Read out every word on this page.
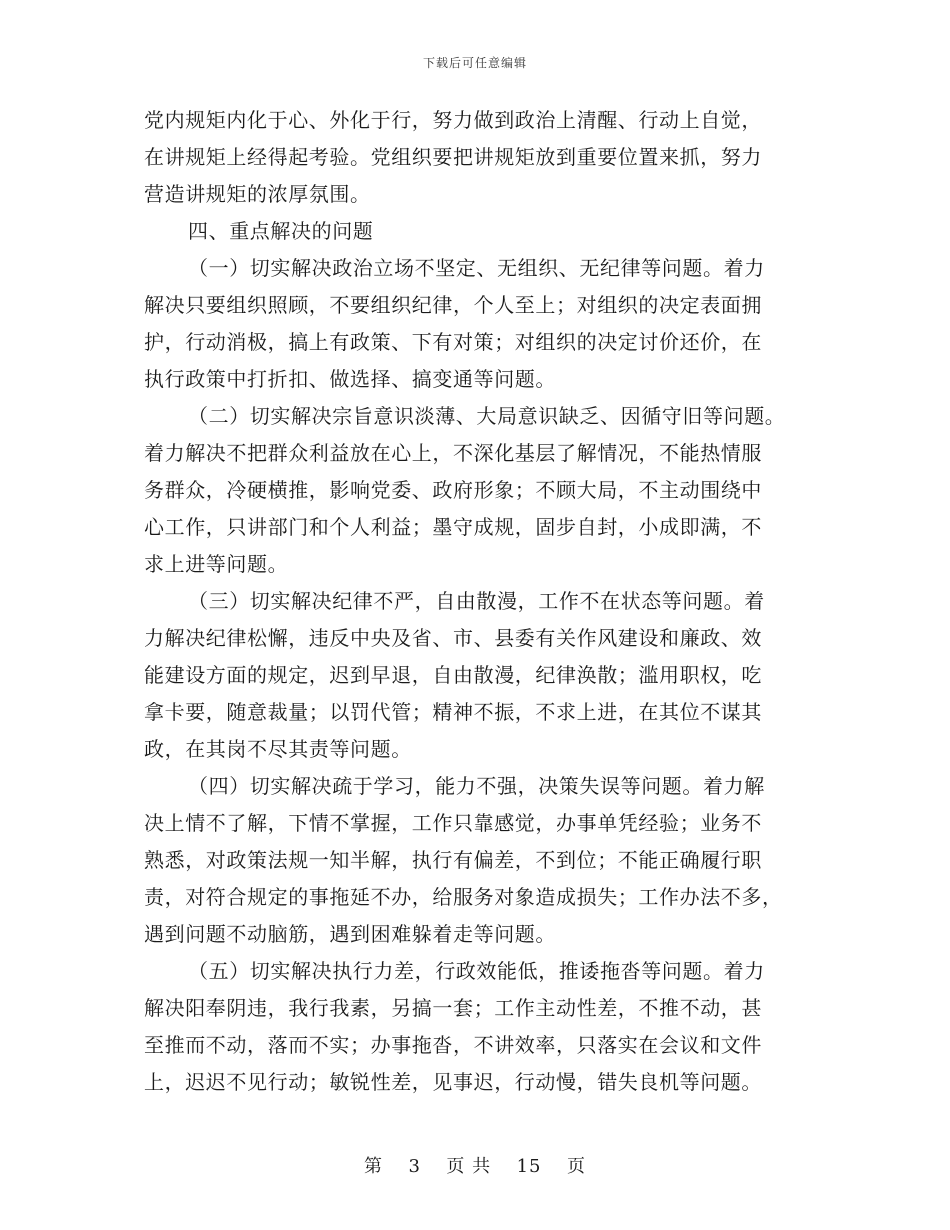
下载后可任意编辑

党内规矩内化于心、外化于行，努力做到政治上清醒、行动上自觉，
在讲规矩上经得起考验。党组织要把讲规矩放到重要位置来抓，努力
营造讲规矩的浓厚氛围。

四、重点解决的问题

（一）切实解决政治立场不坚定、无组织、无纪律等问题。着力
解决只要组织照顾，不要组织纪律，个人至上；对组织的决定表面拥
护，行动消极，搞上有政策、下有对策；对组织的决定讨价还价，在
执行政策中打折扣、做选择、搞变通等问题。

（二）切实解决宗旨意识淡薄、大局意识缺乏、因循守旧等问题。
着力解决不把群众利益放在心上，不深化基层了解情况，不能热情服
务群众，冷硬横推，影响党委、政府形象；不顾大局，不主动围绕中
心工作，只讲部门和个人利益；墨守成规，固步自封，小成即满，不
求上进等问题。

（三）切实解决纪律不严，自由散漫，工作不在状态等问题。着
力解决纪律松懈，违反中央及省、市、县委有关作风建设和廉政、效
能建设方面的规定，迟到早退，自由散漫，纪律涣散；滥用职权，吃
拿卡要，随意裁量；以罚代管；精神不振，不求上进，在其位不谋其
政，在其岗不尽其责等问题。

（四）切实解决疏于学习，能力不强，决策失误等问题。着力解
决上情不了解，下情不掌握，工作只靠感觉，办事单凭经验；业务不
熟悉，对政策法规一知半解，执行有偏差，不到位；不能正确履行职
责，对符合规定的事拖延不办，给服务对象造成损失；工作办法不多，
遇到问题不动脑筋，遇到困难躲着走等问题。

（五）切实解决执行力差，行政效能低，推诿拖沓等问题。着力
解决阳奉阴违，我行我素，另搞一套；工作主动性差，不推不动，甚
至推而不动，落而不实；办事拖沓，不讲效率，只落实在会议和文件
上，迟迟不见行动；敏锐性差，见事迟，行动慢，错失良机等问题。

第 3 页 共 15 页
